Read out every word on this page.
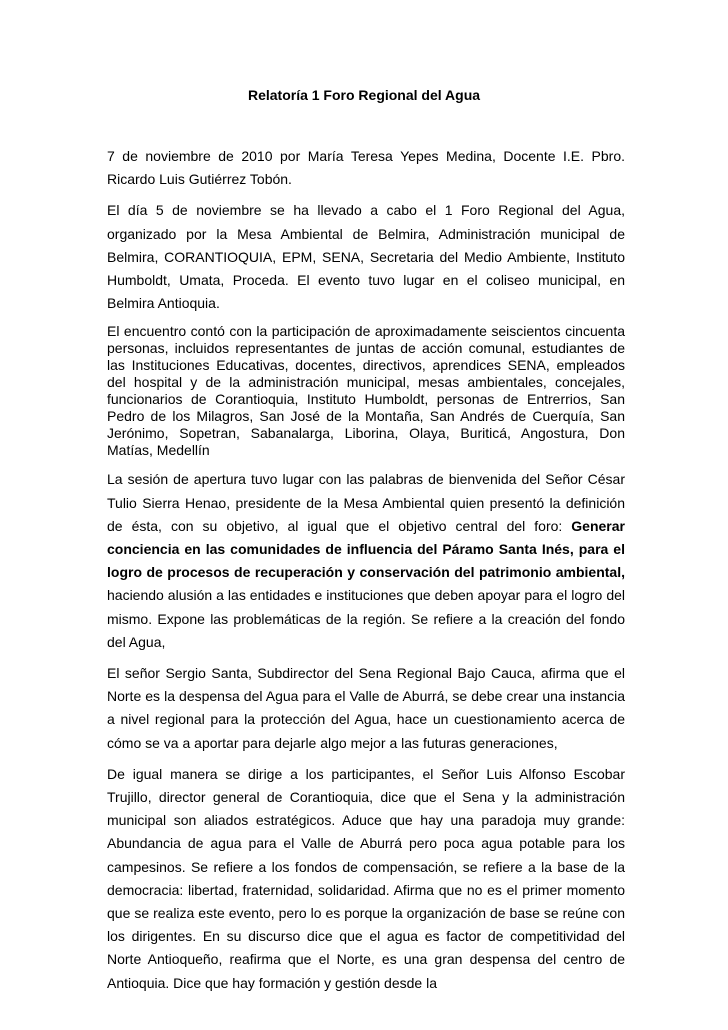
Relatoría 1 Foro Regional del Agua

7 de noviembre de 2010 por María Teresa Yepes Medina, Docente I.E. Pbro. Ricardo Luis Gutiérrez Tobón.

El día 5 de noviembre se ha llevado a cabo el 1 Foro Regional del Agua, organizado por la Mesa Ambiental de Belmira, Administración municipal de Belmira, CORANTIOQUIA, EPM, SENA, Secretaria del Medio Ambiente, Instituto Humboldt, Umata, Proceda. El evento tuvo lugar en el coliseo municipal, en Belmira Antioquia.

El encuentro contó con la participación de aproximadamente seiscientos cincuenta personas, incluidos representantes de juntas de acción comunal, estudiantes de las Instituciones Educativas, docentes, directivos, aprendices SENA, empleados del hospital y de la administración municipal, mesas ambientales, concejales, funcionarios de Corantioquia, Instituto Humboldt, personas de Entrerrios, San Pedro de los Milagros, San José de la Montaña, San Andrés de Cuerquía, San Jerónimo, Sopetran, Sabanalarga, Liborina, Olaya, Buriticá, Angostura, Don Matías, Medellín

La sesión de apertura tuvo lugar con las palabras de bienvenida del Señor César Tulio Sierra Henao, presidente de la Mesa Ambiental quien presentó la definición de ésta, con su objetivo, al igual que el objetivo central del foro: Generar conciencia en las comunidades de influencia del Páramo Santa Inés, para el logro de procesos de recuperación y conservación del patrimonio ambiental, haciendo alusión a las entidades e instituciones que deben apoyar para el logro del mismo. Expone las problemáticas de la región. Se refiere a la creación del fondo del Agua,

El señor Sergio Santa, Subdirector del Sena Regional Bajo Cauca, afirma que el Norte es la despensa del Agua para el Valle de Aburrá, se debe crear una instancia a nivel regional para la protección del Agua, hace un cuestionamiento acerca de cómo se va a aportar para dejarle algo mejor a las futuras generaciones,

De igual manera se dirige a los participantes, el Señor Luis Alfonso Escobar Trujillo, director general de Corantioquia, dice que el Sena y la administración municipal son aliados estratégicos. Aduce que hay una paradoja muy grande: Abundancia de agua para el Valle de Aburrá pero poca agua potable para los campesinos. Se refiere a los fondos de compensación, se refiere a la base de la democracia: libertad, fraternidad, solidaridad. Afirma que no es el primer momento que se realiza este evento, pero lo es porque la organización de base se reúne con los dirigentes. En su discurso dice que el agua es factor de competitividad del Norte Antioqueño, reafirma que el Norte, es una gran despensa del centro de Antioquia. Dice que hay formación y gestión desde la
